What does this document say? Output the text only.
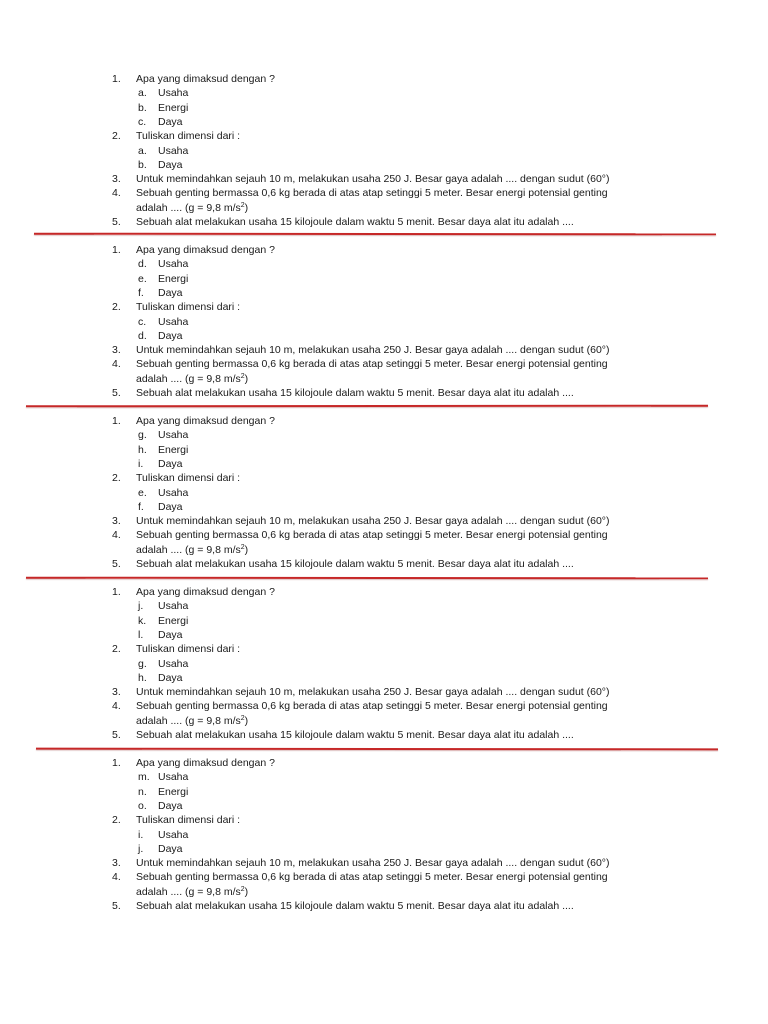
1. Apa yang dimaksud dengan ?
a. Usaha
b. Energi
c. Daya
2. Tuliskan dimensi dari :
a. Usaha
b. Daya
3. Untuk memindahkan sejauh 10 m, melakukan usaha 250 J. Besar gaya adalah .... dengan sudut (60°)
4. Sebuah genting bermassa 0,6 kg berada di atas atap setinggi 5 meter. Besar energi potensial genting
adalah .... (g = 9,8 $m/s^2$)
5. Sebuah alat melakukan usaha 15 kilojoule dalam waktu 5 menit. Besar daya alat itu adalah ....
1. Apa yang dimaksud dengan ?
d. Usaha
e. Energi
f. Daya
2. Tuliskan dimensi dari :
c. Usaha
d. Daya
3. Untuk memindahkan sejauh 10 m, melakukan usaha 250 J. Besar gaya adalah .... dengan sudut (60°)
4. Sebuah genting bermassa 0,6 kg berada di atas atap setinggi 5 meter. Besar energi potensial genting
adalah .... (g = 9,8 $m/s^2$)
5. Sebuah alat melakukan usaha 15 kilojoule dalam waktu 5 menit. Besar daya alat itu adalah ....
1. Apa yang dimaksud dengan ?
g. Usaha
h. Energi
i. Daya
2. Tuliskan dimensi dari :
e. Usaha
f. Daya
3. Untuk memindahkan sejauh 10 m, melakukan usaha 250 J. Besar gaya adalah .... dengan sudut (60°)
4. Sebuah genting bermassa 0,6 kg berada di atas atap setinggi 5 meter. Besar energi potensial genting
adalah .... (g = 9,8 $m/s^2$)
5. Sebuah alat melakukan usaha 15 kilojoule dalam waktu 5 menit. Besar daya alat itu adalah ....
1. Apa yang dimaksud dengan ?
j. Usaha
k. Energi
l. Daya
2. Tuliskan dimensi dari :
g. Usaha
h. Daya
3. Untuk memindahkan sejauh 10 m, melakukan usaha 250 J. Besar gaya adalah .... dengan sudut (60°)
4. Sebuah genting bermassa 0,6 kg berada di atas atap setinggi 5 meter. Besar energi potensial genting
adalah .... (g = 9,8 $m/s^2$)
5. Sebuah alat melakukan usaha 15 kilojoule dalam waktu 5 menit. Besar daya alat itu adalah ....
1. Apa yang dimaksud dengan ?
m. Usaha
n. Energi
o. Daya
2. Tuliskan dimensi dari :
i. Usaha
j. Daya
3. Untuk memindahkan sejauh 10 m, melakukan usaha 250 J. Besar gaya adalah .... dengan sudut (60°)
4. Sebuah genting bermassa 0,6 kg berada di atas atap setinggi 5 meter. Besar energi potensial genting
adalah .... (g = 9,8 $m/s^2$)
5. Sebuah alat melakukan usaha 15 kilojoule dalam waktu 5 menit. Besar daya alat itu adalah ....
